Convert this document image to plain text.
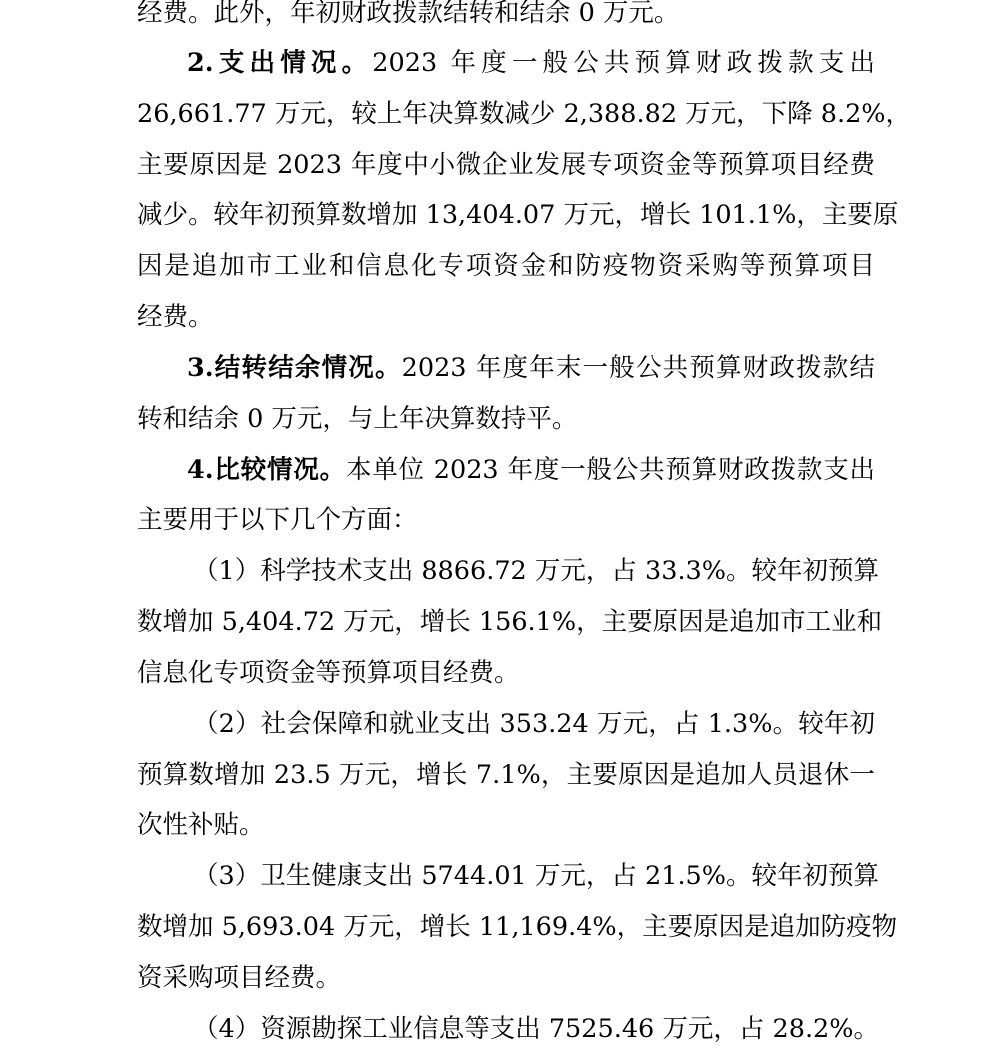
经费。此外，年初财政拨款结转和结余 0 万元。
2.支出情况。2023 年度一般公共预算财政拨款支出
26,661.77 万元，较上年决算数减少 2,388.82 万元，下降 8.2%，
主要原因是 2023 年度中小微企业发展专项资金等预算项目经费
减少。较年初预算数增加 13,404.07 万元，增长 101.1%，主要原
因是追加市工业和信息化专项资金和防疫物资采购等预算项目
经费。
3.结转结余情况。2023 年度年末一般公共预算财政拨款结
转和结余 0 万元，与上年决算数持平。
4.比较情况。本单位 2023 年度一般公共预算财政拨款支出
主要用于以下几个方面：
（1）科学技术支出 8866.72 万元，占 33.3%。较年初预算
数增加 5,404.72 万元，增长 156.1%，主要原因是追加市工业和
信息化专项资金等预算项目经费。
（2）社会保障和就业支出 353.24 万元，占 1.3%。较年初
预算数增加 23.5 万元，增长 7.1%，主要原因是追加人员退休一
次性补贴。
（3）卫生健康支出 5744.01 万元，占 21.5%。较年初预算
数增加 5,693.04 万元，增长 11,169.4%，主要原因是追加防疫物
资采购项目经费。
（4）资源勘探工业信息等支出 7525.46 万元，占 28.2%。
